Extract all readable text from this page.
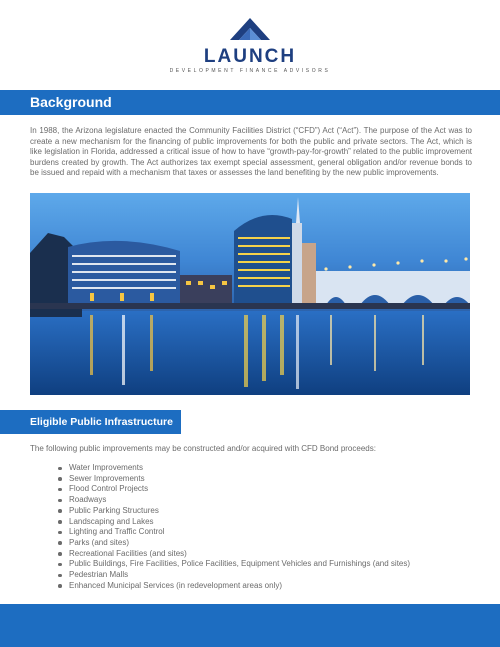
LAUNCH
DEVELOPMENT FINANCE ADVISORS
Background

In 1988, the Arizona legislature enacted the Community Facilities District (“CFD”) Act (“Act”). The purpose of the Act was to create a new mechanism for the financing of public improvements for both the public and private sectors. The Act, which is like legislation in Florida, addressed a critical issue of how to have “growth-pay-for-growth” related to the public improvement burdens created by growth. The Act authorizes tax exempt special assessment, general obligation and/or revenue bonds to be issued and repaid with a mechanism that taxes or assesses the land benefiting by the new public improvements.

Eligible Public Infrastructure

The following public improvements may be constructed and/or acquired with CFD Bond proceeds:

Water Improvements
Sewer Improvements
Flood Control Projects
Roadways
Public Parking Structures
Landscaping and Lakes
Lighting and Traffic Control
Parks (and sites)
Recreational Facilities (and sites)
Public Buildings, Fire Facilities, Police Facilities, Equipment Vehicles and Furnishings (and sites)
Pedestrian Malls
Enhanced Municipal Services (in redevelopment areas only)
